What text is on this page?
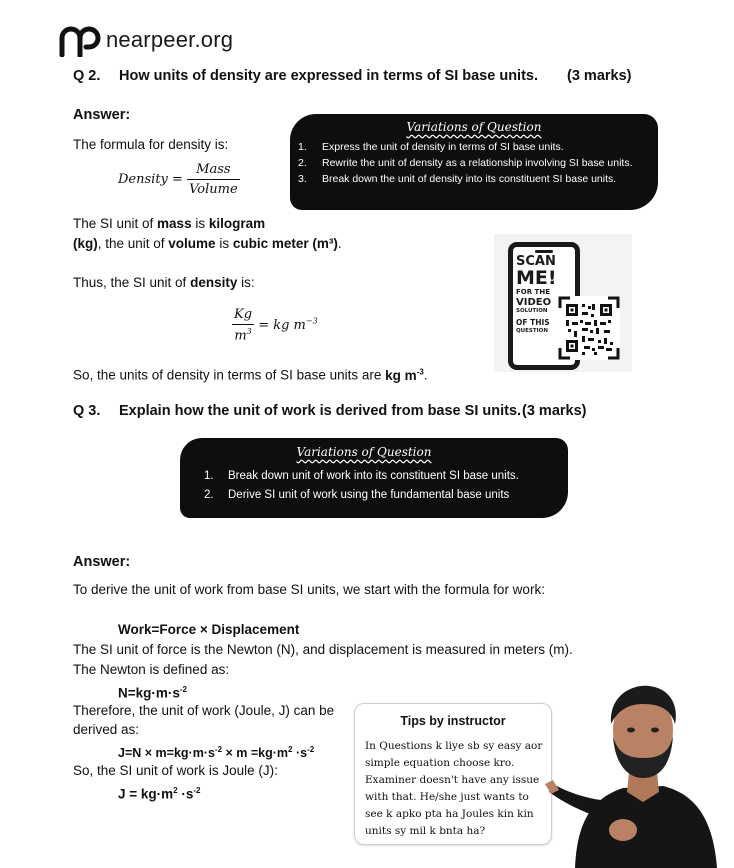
nearpeer.org
Q 2. How units of density are expressed in terms of SI base units.	(3 marks)
Answer:
The formula for density is:
Density = $\frac{\text{Mass}}{\text{Volume}}$
Variations of Question
1.	Express the unit of density in terms of SI base units.
2.	Rewrite the unit of density as a relationship involving SI base units.
3.	Break down the unit of density into its constituent SI base units.
The SI unit of mass is kilogram
(kg), the unit of volume is cubic meter (m³).
Thus, the SI unit of density is:
$\frac{Kg}{m^3}$ = kg $m^{-3}$
So, the units of density in terms of SI base units are kg $m^{-3}$.
SCAN
ME!
FOR THE
VIDEO
SOLUTION
OF THIS
QUESTION
Q 3. Explain how the unit of work is derived from base SI units. (3 marks)
Variations of Question
1.	Break down unit of work into its constituent SI base units.
2.	Derive SI unit of work using the fundamental base units
Answer:
To derive the unit of work from base SI units, we start with the formula for work:
Work=Force × Displacement
The SI unit of force is the Newton (N), and displacement is measured in meters (m).
The Newton is defined as:
$N=kg\cdot m\cdot s^{-2}$
Therefore, the unit of work (Joule, J) can be
derived as:
$J=N \times m=kg\cdot m\cdot s^{-2} \times m =kg\cdot m^2 \cdot s^{-2}$
So, the SI unit of work is Joule (J):
$J = kg\cdot m^2 \cdot s^{-2}$
Tips by instructor
In Questions k liye sb sy easy aor
simple equation choose kro.
Examiner doesn't have any issue
with that. He/she just wants to
see k apko pta ha Joules kin kin
units sy mil k bnta ha?
